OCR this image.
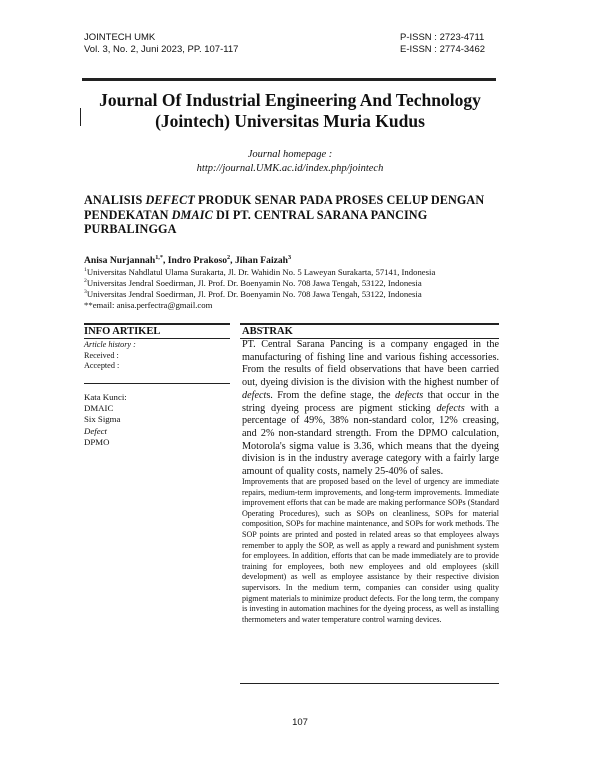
JOINTECH UMK
Vol. 3, No. 2, Juni 2023, PP. 107-117
P-ISSN : 2723-4711
E-ISSN : 2774-3462
Journal Of Industrial Engineering And Technology
(Jointech) Universitas Muria Kudus
Journal homepage :
http://journal.UMK.ac.id/index.php/jointech
ANALISIS DEFECT PRODUK SENAR PADA PROSES CELUP DENGAN PENDEKATAN DMAIC DI PT. CENTRAL SARANA PANCING PURBALINGGA
Anisa Nurjannah$^{1,*}$, Indro Prakoso$^2$, Jihan Faizah$^3$
$^1$Universitas Nahdlatul Ulama Surakarta, Jl. Dr. Wahidin No. 5 Laweyan Surakarta, 57141, Indonesia
$^2$Universitas Jendral Soedirman, Jl. Prof. Dr. Boenyamin No. 708 Jawa Tengah, 53122, Indonesia
$^3$Universitas Jendral Soedirman, Jl. Prof. Dr. Boenyamin No. 708 Jawa Tengah, 53122, Indonesia
**email: anisa.perfectra@gmail.com
INFO ARTIKEL
Article history :
Received :
Accepted :
Kata Kunci:
DMAIC
Six Sigma
Defect
DPMO
ABSTRAK
PT. Central Sarana Pancing is a company engaged in the manufacturing of fishing line and various fishing accessories. From the results of field observations that have been carried out, dyeing division is the division with the highest number of defects. From the define stage, the defects that occur in the string dyeing process are pigment sticking defects with a percentage of 49%, 38% non-standard color, 12% creasing, and 2% non-standard strength. From the DPMO calculation, Motorola's sigma value is 3.36, which means that the dyeing division is in the industry average category with a fairly large amount of quality costs, namely 25-40% of sales.
Improvements that are proposed based on the level of urgency are immediate repairs, medium-term improvements, and long-term improvements. Immediate improvement efforts that can be made are making performance SOPs (Standard Operating Procedures), such as SOPs on cleanliness, SOPs for material composition, SOPs for machine maintenance, and SOPs for work methods. The SOP points are printed and posted in related areas so that employees always remember to apply the SOP, as well as apply a reward and punishment system for employees. In addition, efforts that can be made immediately are to provide training for employees, both new employees and old employees (skill development) as well as employee assistance by their respective division supervisors. In the medium term, companies can consider using quality pigment materials to minimize product defects. For the long term, the company is investing in automation machines for the dyeing process, as well as installing thermometers and water temperature control warning devices.
107
